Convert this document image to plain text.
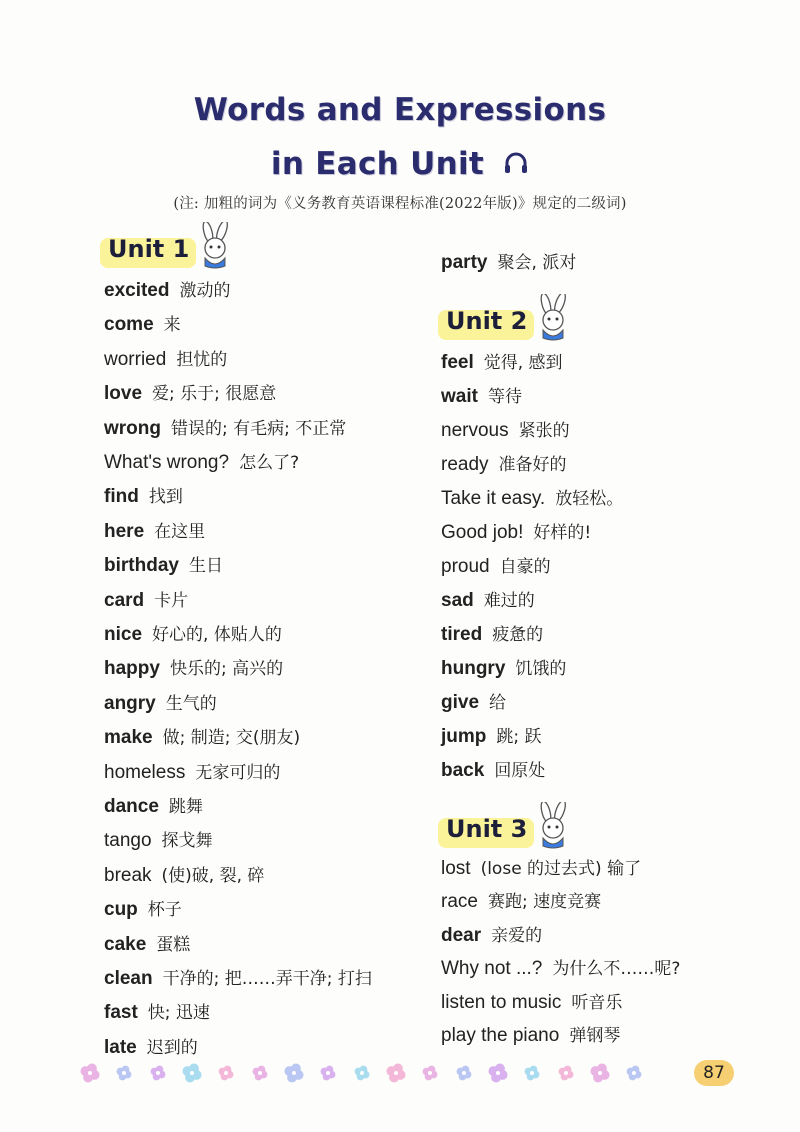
Words and Expressions
in Each Unit
(注: 加粗的词为《义务教育英语课程标准(2022年版)》规定的二级词)
Unit 1
Unit 2
Unit 3
excited 激动的
come 来
worried 担忧的
love 爱; 乐于; 很愿意
wrong 错误的; 有毛病; 不正常
What's wrong? 怎么了?
find 找到
here 在这里
birthday 生日
card 卡片
nice 好心的, 体贴人的
happy 快乐的; 高兴的
angry 生气的
make 做; 制造; 交(朋友)
homeless 无家可归的
dance 跳舞
tango 探戈舞
break (使)破, 裂, 碎
cup 杯子
cake 蛋糕
clean 干净的; 把……弄干净; 打扫
fast 快; 迅速
late 迟到的
party 聚会, 派对
feel 觉得, 感到
wait 等待
nervous 紧张的
ready 准备好的
Take it easy. 放轻松。
Good job! 好样的!
proud 自豪的
sad 难过的
tired 疲惫的
hungry 饥饿的
give 给
jump 跳; 跃
back 回原处
lost (lose 的过去式) 输了
race 赛跑; 速度竞赛
dear 亲爱的
Why not ...? 为什么不……呢?
listen to music 听音乐
play the piano 弹钢琴
87
